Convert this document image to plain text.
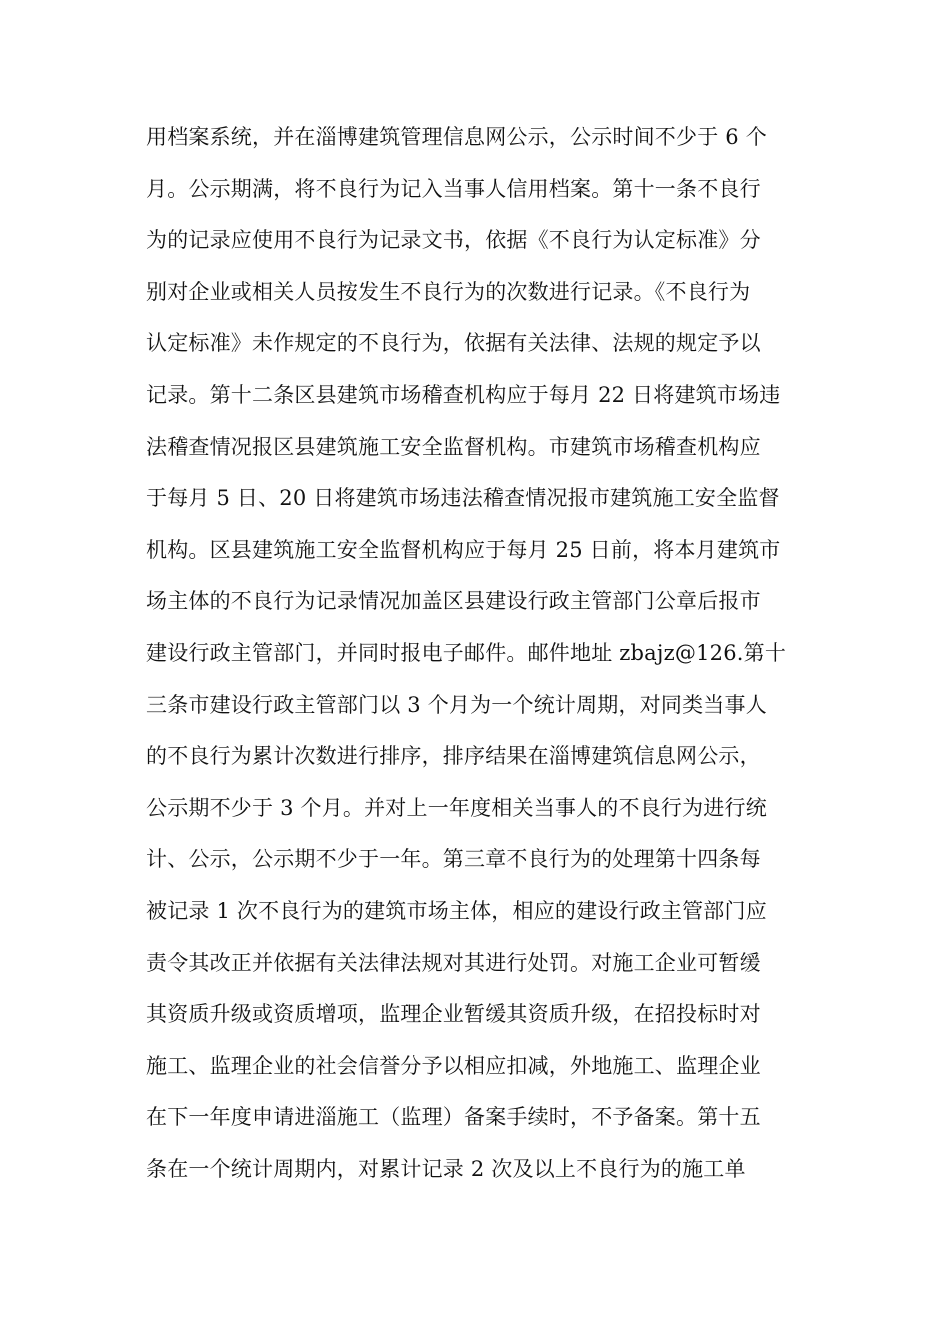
用档案系统，并在淄博建筑管理信息网公示，公示时间不少于 6 个
月。公示期满，将不良行为记入当事人信用档案。第十一条不良行
为的记录应使用不良行为记录文书，依据《不良行为认定标准》分
别对企业或相关人员按发生不良行为的次数进行记录。《不良行为
认定标准》未作规定的不良行为，依据有关法律、法规的规定予以
记录。第十二条区县建筑市场稽查机构应于每月 22 日将建筑市场违
法稽查情况报区县建筑施工安全监督机构。市建筑市场稽查机构应
于每月 5 日、20 日将建筑市场违法稽查情况报市建筑施工安全监督
机构。区县建筑施工安全监督机构应于每月 25 日前，将本月建筑市
场主体的不良行为记录情况加盖区县建设行政主管部门公章后报市
建设行政主管部门，并同时报电子邮件。邮件地址 zbajz@126.第十
三条市建设行政主管部门以 3 个月为一个统计周期，对同类当事人
的不良行为累计次数进行排序，排序结果在淄博建筑信息网公示，
公示期不少于 3 个月。并对上一年度相关当事人的不良行为进行统
计、公示，公示期不少于一年。第三章不良行为的处理第十四条每
被记录 1 次不良行为的建筑市场主体，相应的建设行政主管部门应
责令其改正并依据有关法律法规对其进行处罚。对施工企业可暂缓
其资质升级或资质增项，监理企业暂缓其资质升级，在招投标时对
施工、监理企业的社会信誉分予以相应扣减，外地施工、监理企业
在下一年度申请进淄施工（监理）备案手续时，不予备案。第十五
条在一个统计周期内，对累计记录 2 次及以上不良行为的施工单
